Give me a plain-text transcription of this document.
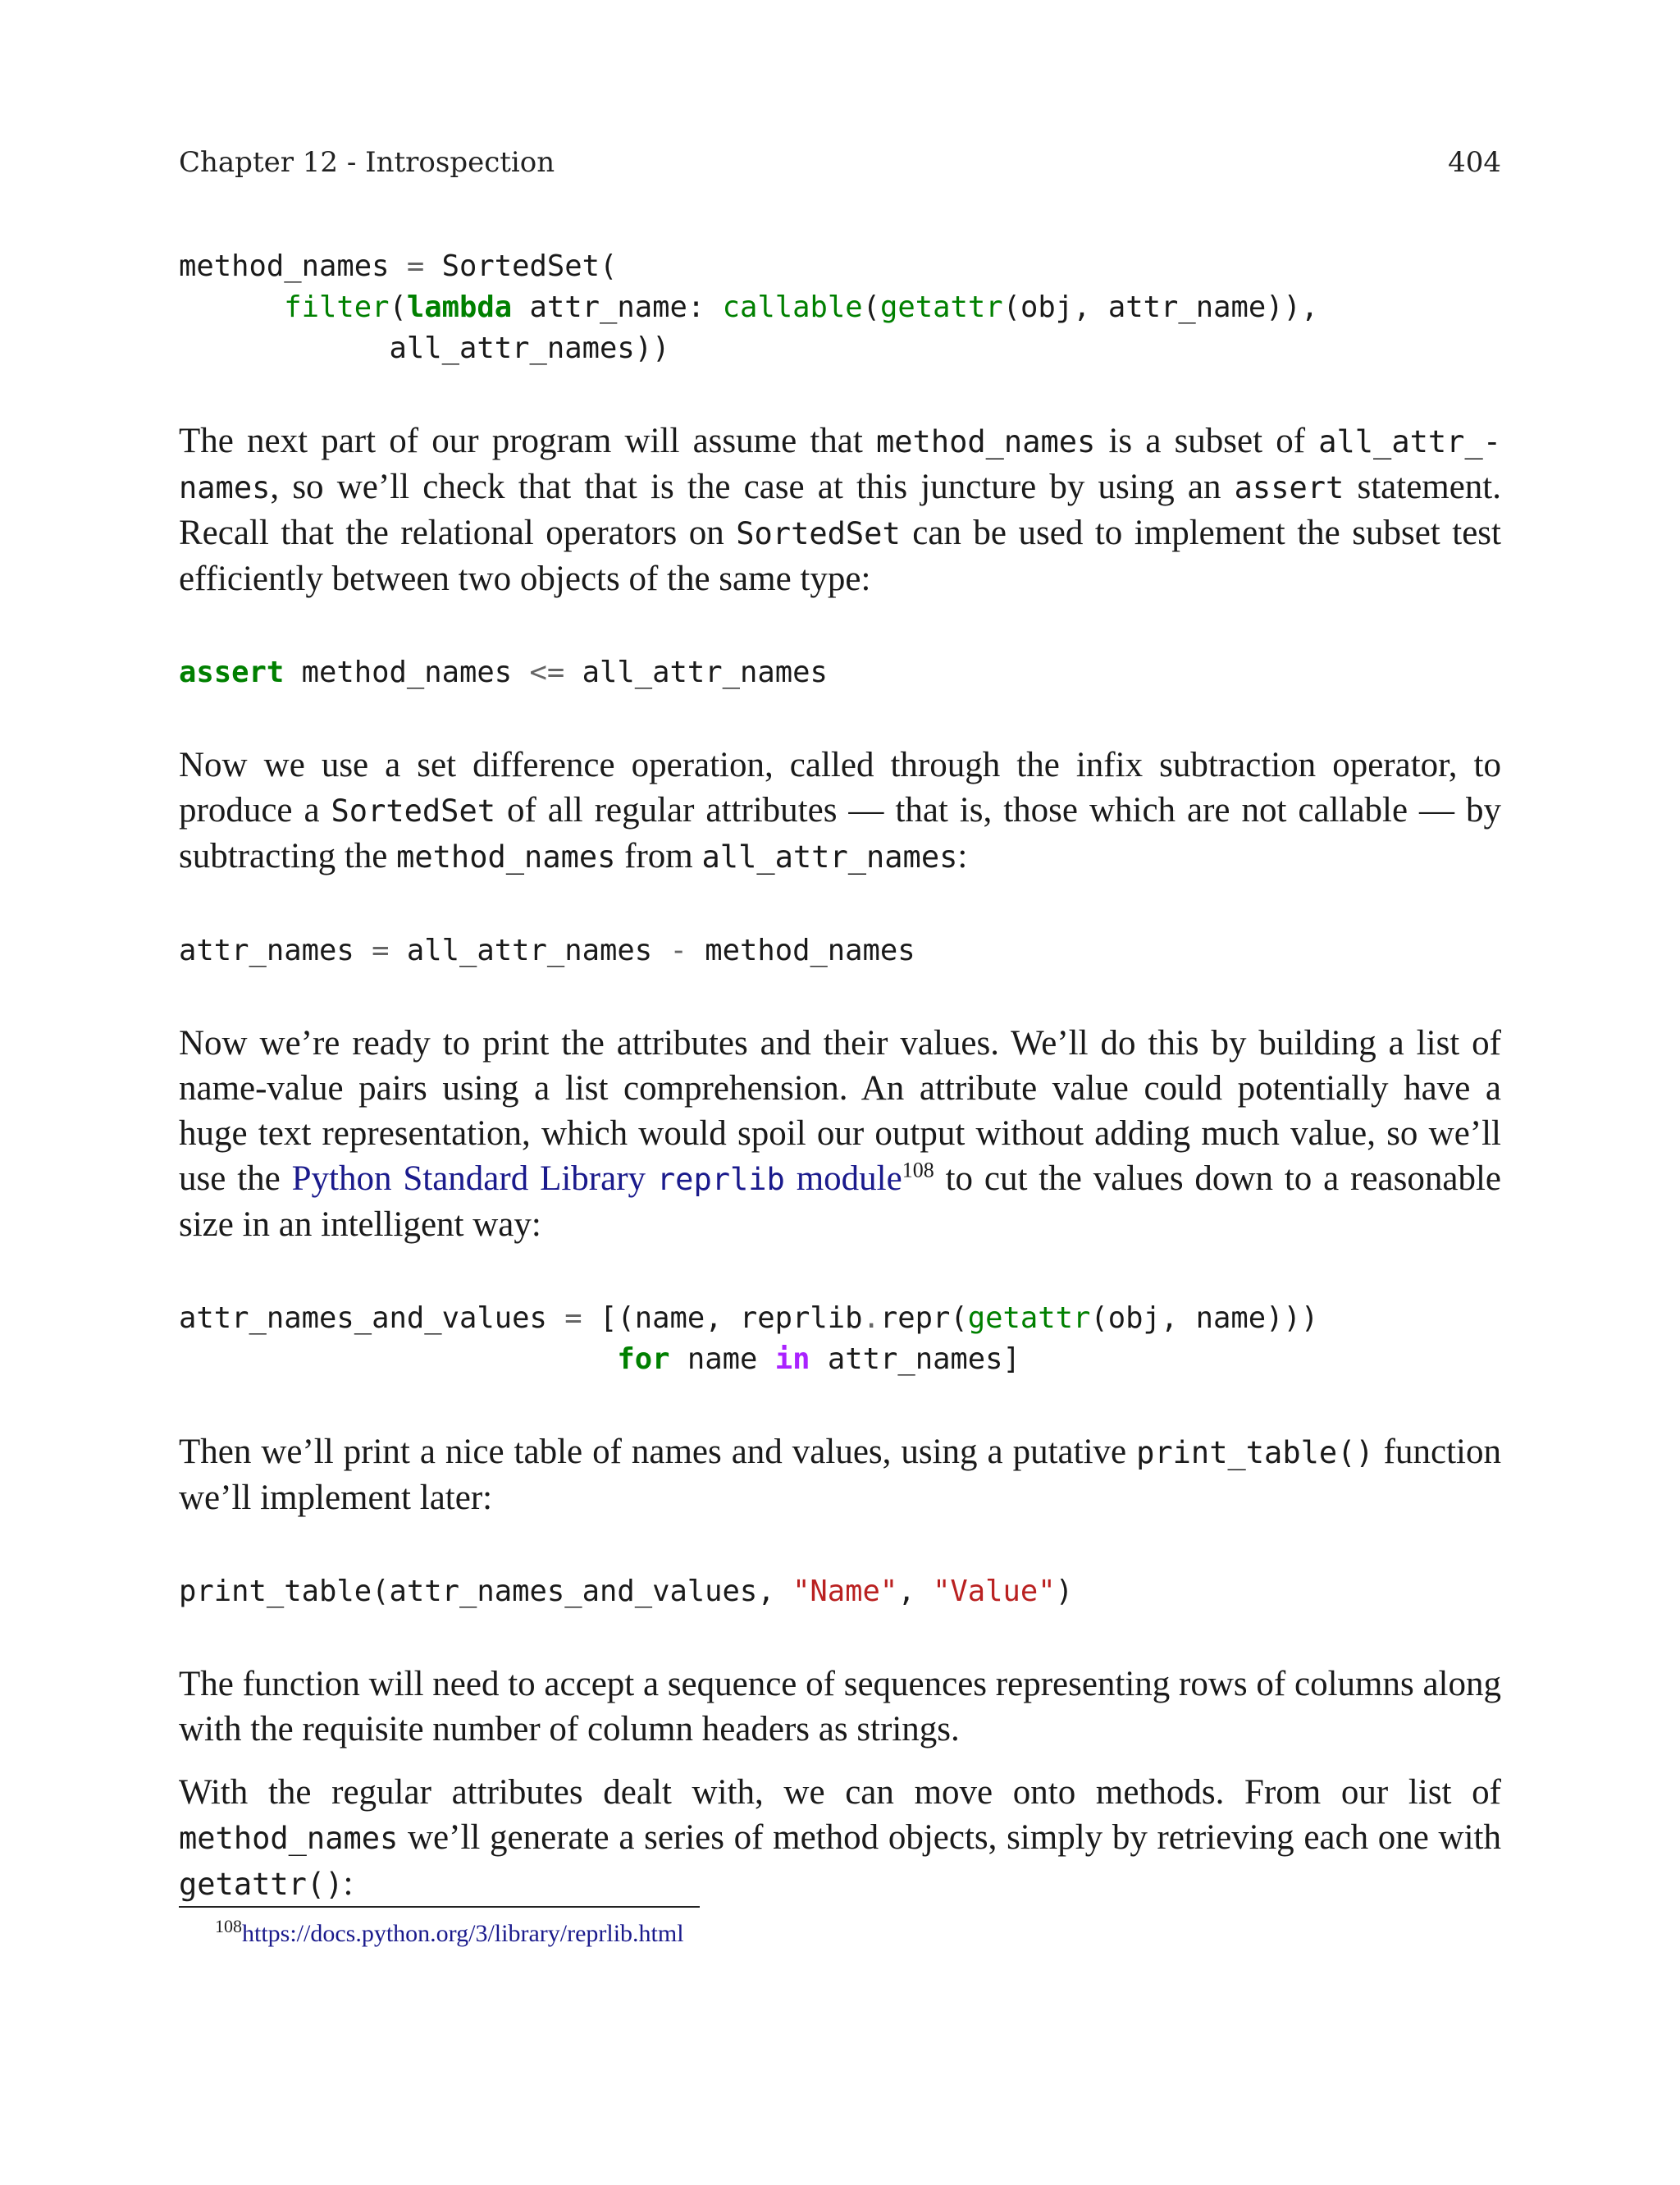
Chapter 12 - Introspection	404
method_names = SortedSet(
filter(lambda attr_name: callable(getattr(obj, attr_name)),
all_attr_names))

The next part of our program will assume that method_names is a subset of all_attr_-names, so we’ll check that that is the case at this juncture by using an assert statement. Recall that the relational operators on SortedSet can be used to implement the subset test efficiently between two objects of the same type:

assert method_names <= all_attr_names

Now we use a set difference operation, called through the infix subtraction operator, to produce a SortedSet of all regular attributes — that is, those which are not callable — by subtracting the method_names from all_attr_names:

attr_names = all_attr_names - method_names

Now we’re ready to print the attributes and their values. We’ll do this by building a list of name-value pairs using a list comprehension. An attribute value could potentially have a huge text representation, which would spoil our output without adding much value, so we’ll use the Python Standard Library reprlib module$^{108}$ to cut the values down to a reasonable size in an intelligent way:

attr_names_and_values = [(name, reprlib.repr(getattr(obj, name)))
for name in attr_names]

Then we’ll print a nice table of names and values, using a putative print_table() function we’ll implement later:

print_table(attr_names_and_values, "Name", "Value")

The function will need to accept a sequence of sequences representing rows of columns along with the requisite number of column headers as strings.

With the regular attributes dealt with, we can move onto methods. From our list of method_names we’ll generate a series of method objects, simply by retrieving each one with getattr():

$^{108}$https://docs.python.org/3/library/reprlib.html
